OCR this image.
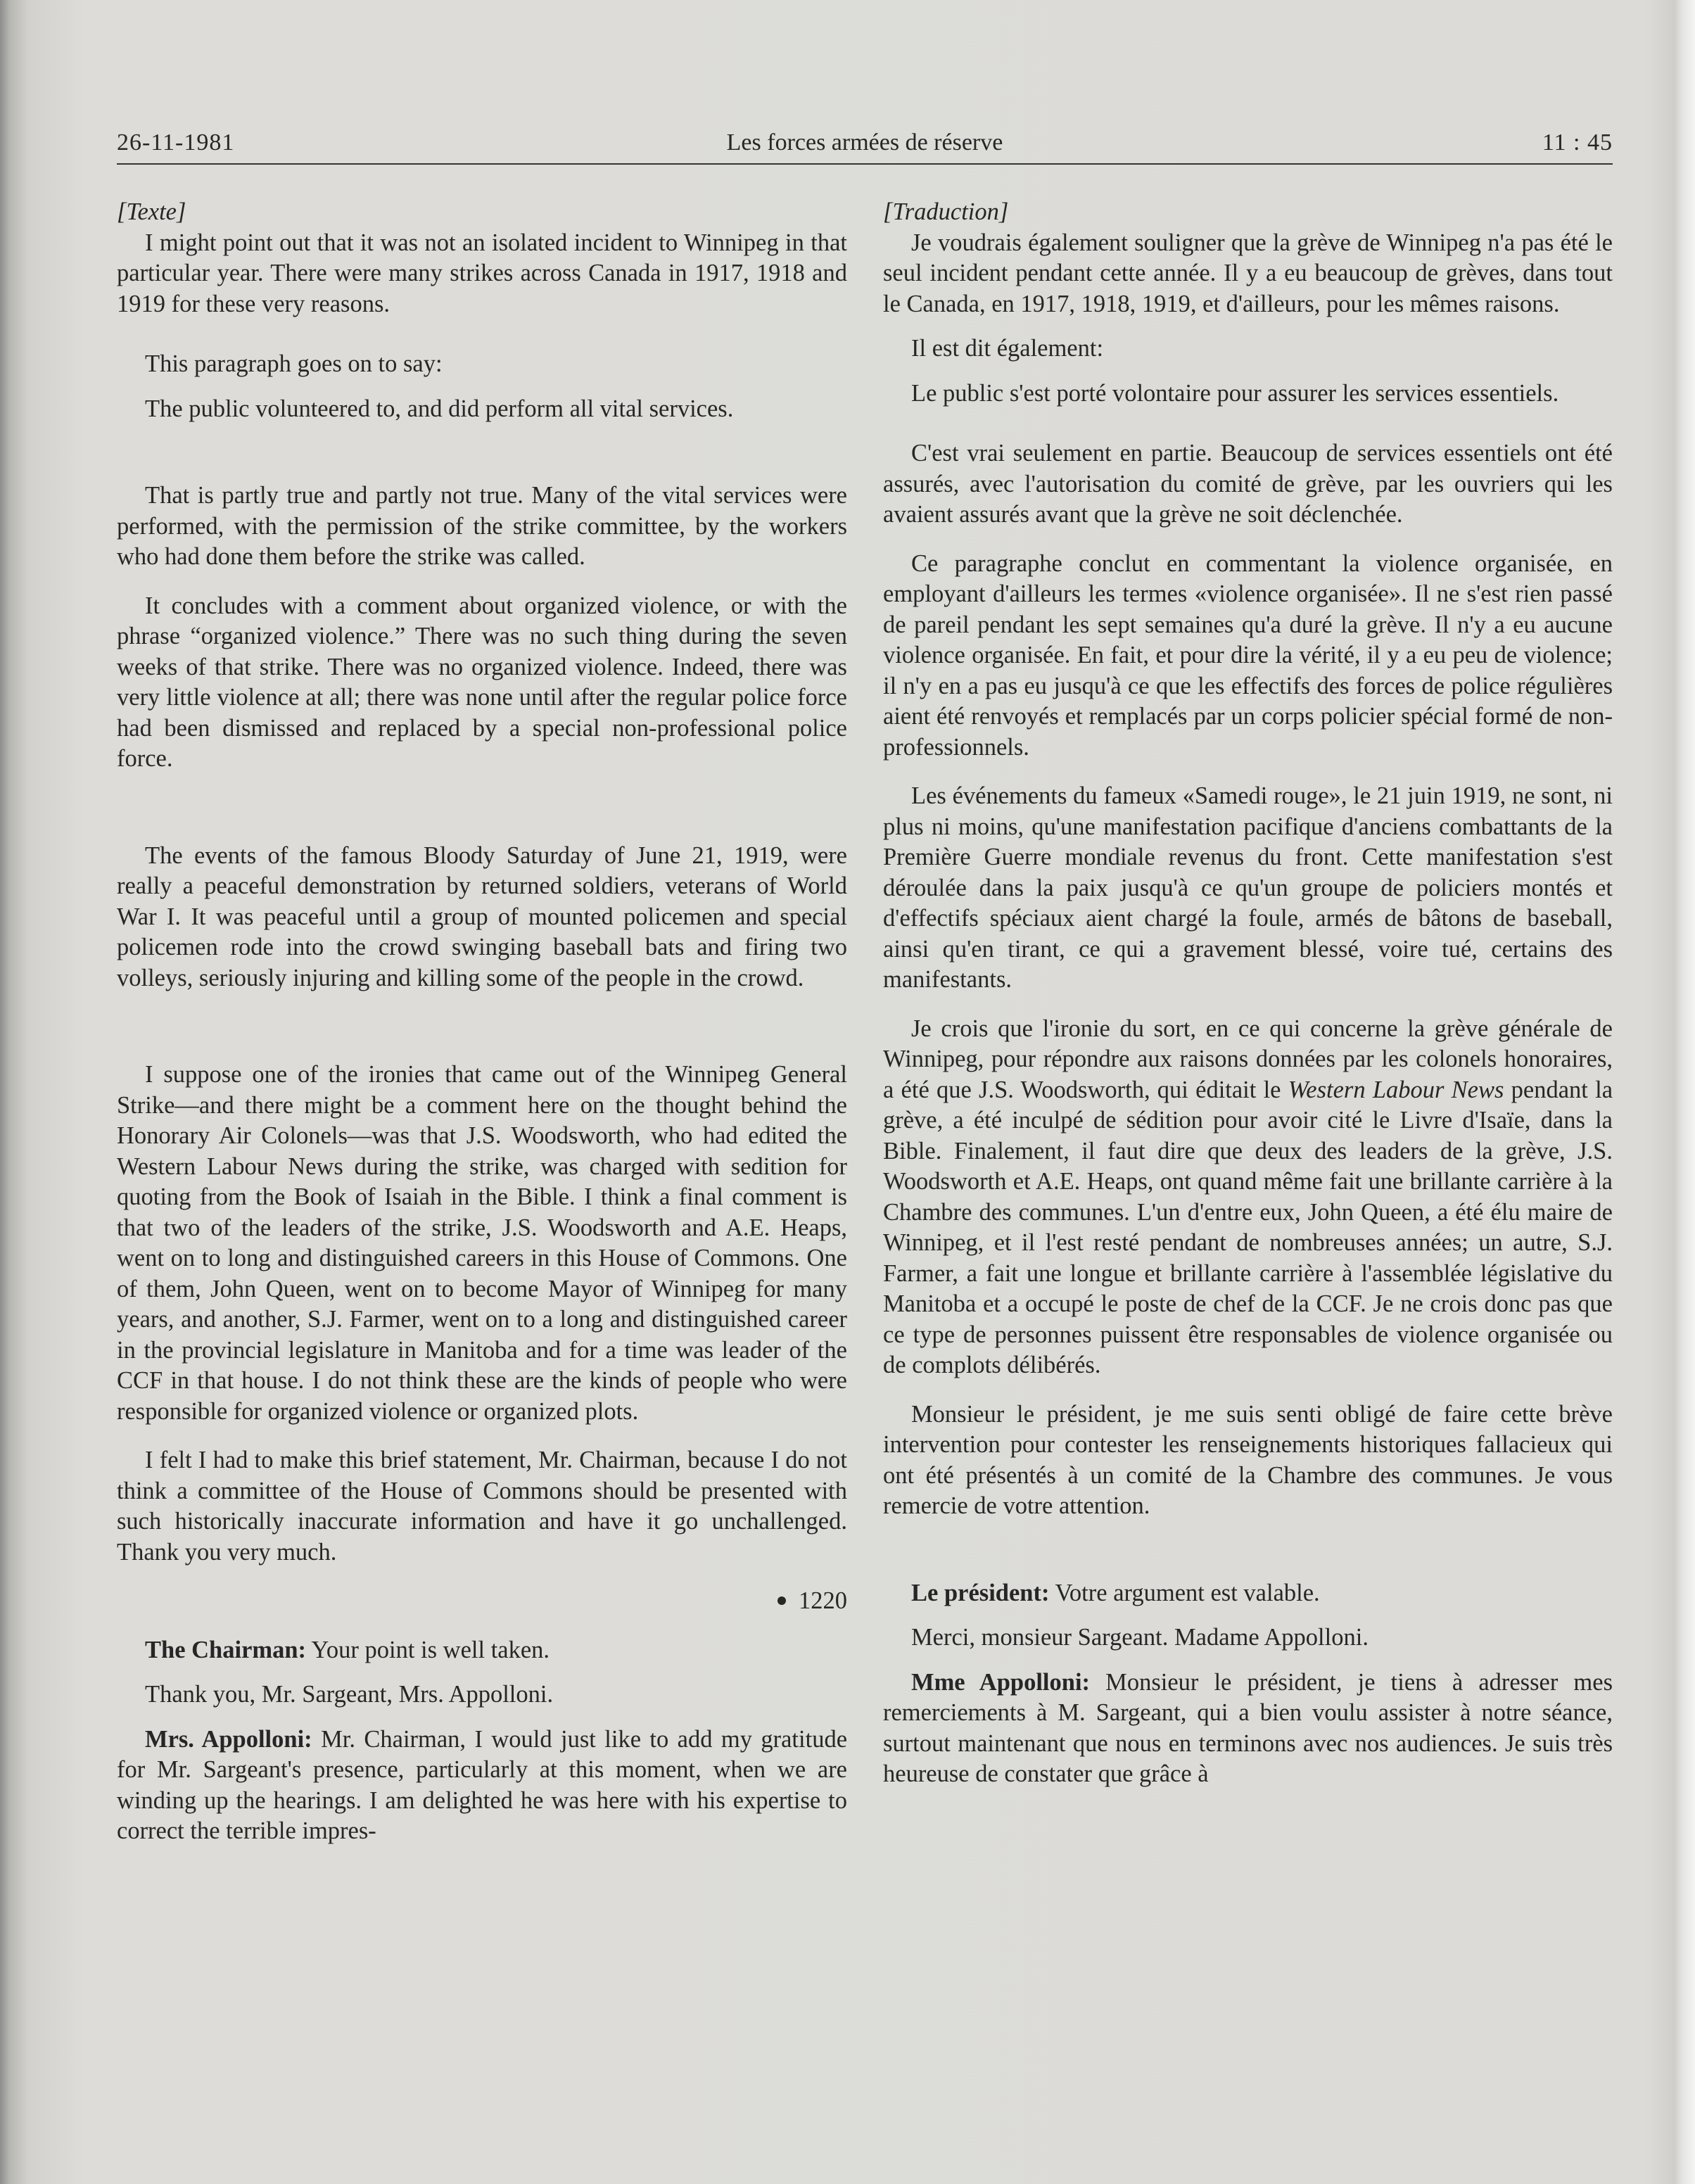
26-11-1981	Les forces armées de réserve	11 : 45

[Texte]

I might point out that it was not an isolated incident to Winnipeg in that particular year. There were many strikes across Canada in 1917, 1918 and 1919 for these very reasons.

This paragraph goes on to say:

The public volunteered to, and did perform all vital services.

That is partly true and partly not true. Many of the vital services were performed, with the permission of the strike committee, by the workers who had done them before the strike was called.

It concludes with a comment about organized violence, or with the phrase “organized violence.” There was no such thing during the seven weeks of that strike. There was no organized violence. Indeed, there was very little violence at all; there was none until after the regular police force had been dismissed and replaced by a special non-professional police force.

The events of the famous Bloody Saturday of June 21, 1919, were really a peaceful demonstration by returned soldiers, veterans of World War I. It was peaceful until a group of mounted policemen and special policemen rode into the crowd swinging baseball bats and firing two volleys, seriously injuring and killing some of the people in the crowd.

I suppose one of the ironies that came out of the Winnipeg General Strike—and there might be a comment here on the thought behind the Honorary Air Colonels—was that J.S. Woodsworth, who had edited the Western Labour News during the strike, was charged with sedition for quoting from the Book of Isaiah in the Bible. I think a final comment is that two of the leaders of the strike, J.S. Woodsworth and A.E. Heaps, went on to long and distinguished careers in this House of Commons. One of them, John Queen, went on to become Mayor of Winnipeg for many years, and another, S.J. Farmer, went on to a long and distinguished career in the provincial legislature in Manitoba and for a time was leader of the CCF in that house. I do not think these are the kinds of people who were responsible for organized violence or organized plots.

I felt I had to make this brief statement, Mr. Chairman, because I do not think a committee of the House of Commons should be presented with such historically inaccurate information and have it go unchallenged. Thank you very much.

1220

The Chairman: Your point is well taken.

Thank you, Mr. Sargeant, Mrs. Appolloni.

Mrs. Appolloni: Mr. Chairman, I would just like to add my gratitude for Mr. Sargeant's presence, particularly at this moment, when we are winding up the hearings. I am delighted he was here with his expertise to correct the terrible impres-

[Traduction]

Je voudrais également souligner que la grève de Winnipeg n'a pas été le seul incident pendant cette année. Il y a eu beaucoup de grèves, dans tout le Canada, en 1917, 1918, 1919, et d'ailleurs, pour les mêmes raisons.

Il est dit également:

Le public s'est porté volontaire pour assurer les services essentiels.

C'est vrai seulement en partie. Beaucoup de services essentiels ont été assurés, avec l'autorisation du comité de grève, par les ouvriers qui les avaient assurés avant que la grève ne soit déclenchée.

Ce paragraphe conclut en commentant la violence organisée, en employant d'ailleurs les termes «violence organisée». Il ne s'est rien passé de pareil pendant les sept semaines qu'a duré la grève. Il n'y a eu aucune violence organisée. En fait, et pour dire la vérité, il y a eu peu de violence; il n'y en a pas eu jusqu'à ce que les effectifs des forces de police régulières aient été renvoyés et remplacés par un corps policier spécial formé de non-professionnels.

Les événements du fameux «Samedi rouge», le 21 juin 1919, ne sont, ni plus ni moins, qu'une manifestation pacifique d'anciens combattants de la Première Guerre mondiale revenus du front. Cette manifestation s'est déroulée dans la paix jusqu'à ce qu'un groupe de policiers montés et d'effectifs spéciaux aient chargé la foule, armés de bâtons de baseball, ainsi qu'en tirant, ce qui a gravement blessé, voire tué, certains des manifestants.

Je crois que l'ironie du sort, en ce qui concerne la grève générale de Winnipeg, pour répondre aux raisons données par les colonels honoraires, a été que J.S. Woodsworth, qui éditait le Western Labour News pendant la grève, a été inculpé de sédition pour avoir cité le Livre d'Isaïe, dans la Bible. Finalement, il faut dire que deux des leaders de la grève, J.S. Woodsworth et A.E. Heaps, ont quand même fait une brillante carrière à la Chambre des communes. L'un d'entre eux, John Queen, a été élu maire de Winnipeg, et il l'est resté pendant de nombreuses années; un autre, S.J. Farmer, a fait une longue et brillante carrière à l'assemblée législative du Manitoba et a occupé le poste de chef de la CCF. Je ne crois donc pas que ce type de personnes puissent être responsables de violence organisée ou de complots délibérés.

Monsieur le président, je me suis senti obligé de faire cette brève intervention pour contester les renseignements historiques fallacieux qui ont été présentés à un comité de la Chambre des communes. Je vous remercie de votre attention.

Le président: Votre argument est valable.

Merci, monsieur Sargeant. Madame Appolloni.

Mme Appolloni: Monsieur le président, je tiens à adresser mes remerciements à M. Sargeant, qui a bien voulu assister à notre séance, surtout maintenant que nous en terminons avec nos audiences. Je suis très heureuse de constater que grâce à
